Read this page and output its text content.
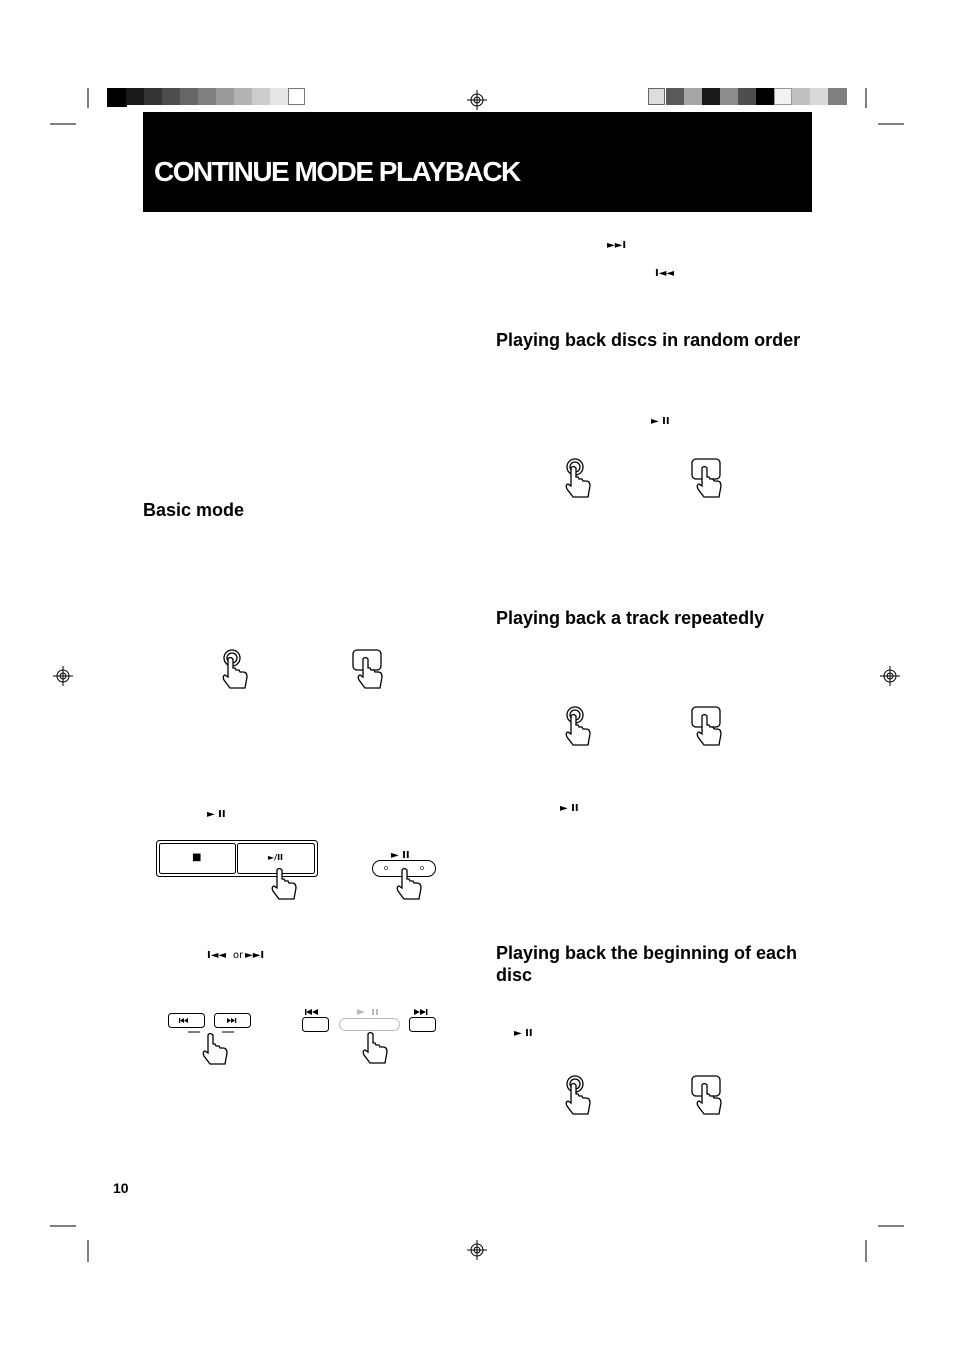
CONTINUE MODE PLAYBACK
Basic mode
► II
■	►/II	► II
I◄◄ or ►►I
►►I
I◄◄
Playing back discs in random order
► II
Playing back a track repeatedly
► II
Playing back the beginning of each disc
► II
10
